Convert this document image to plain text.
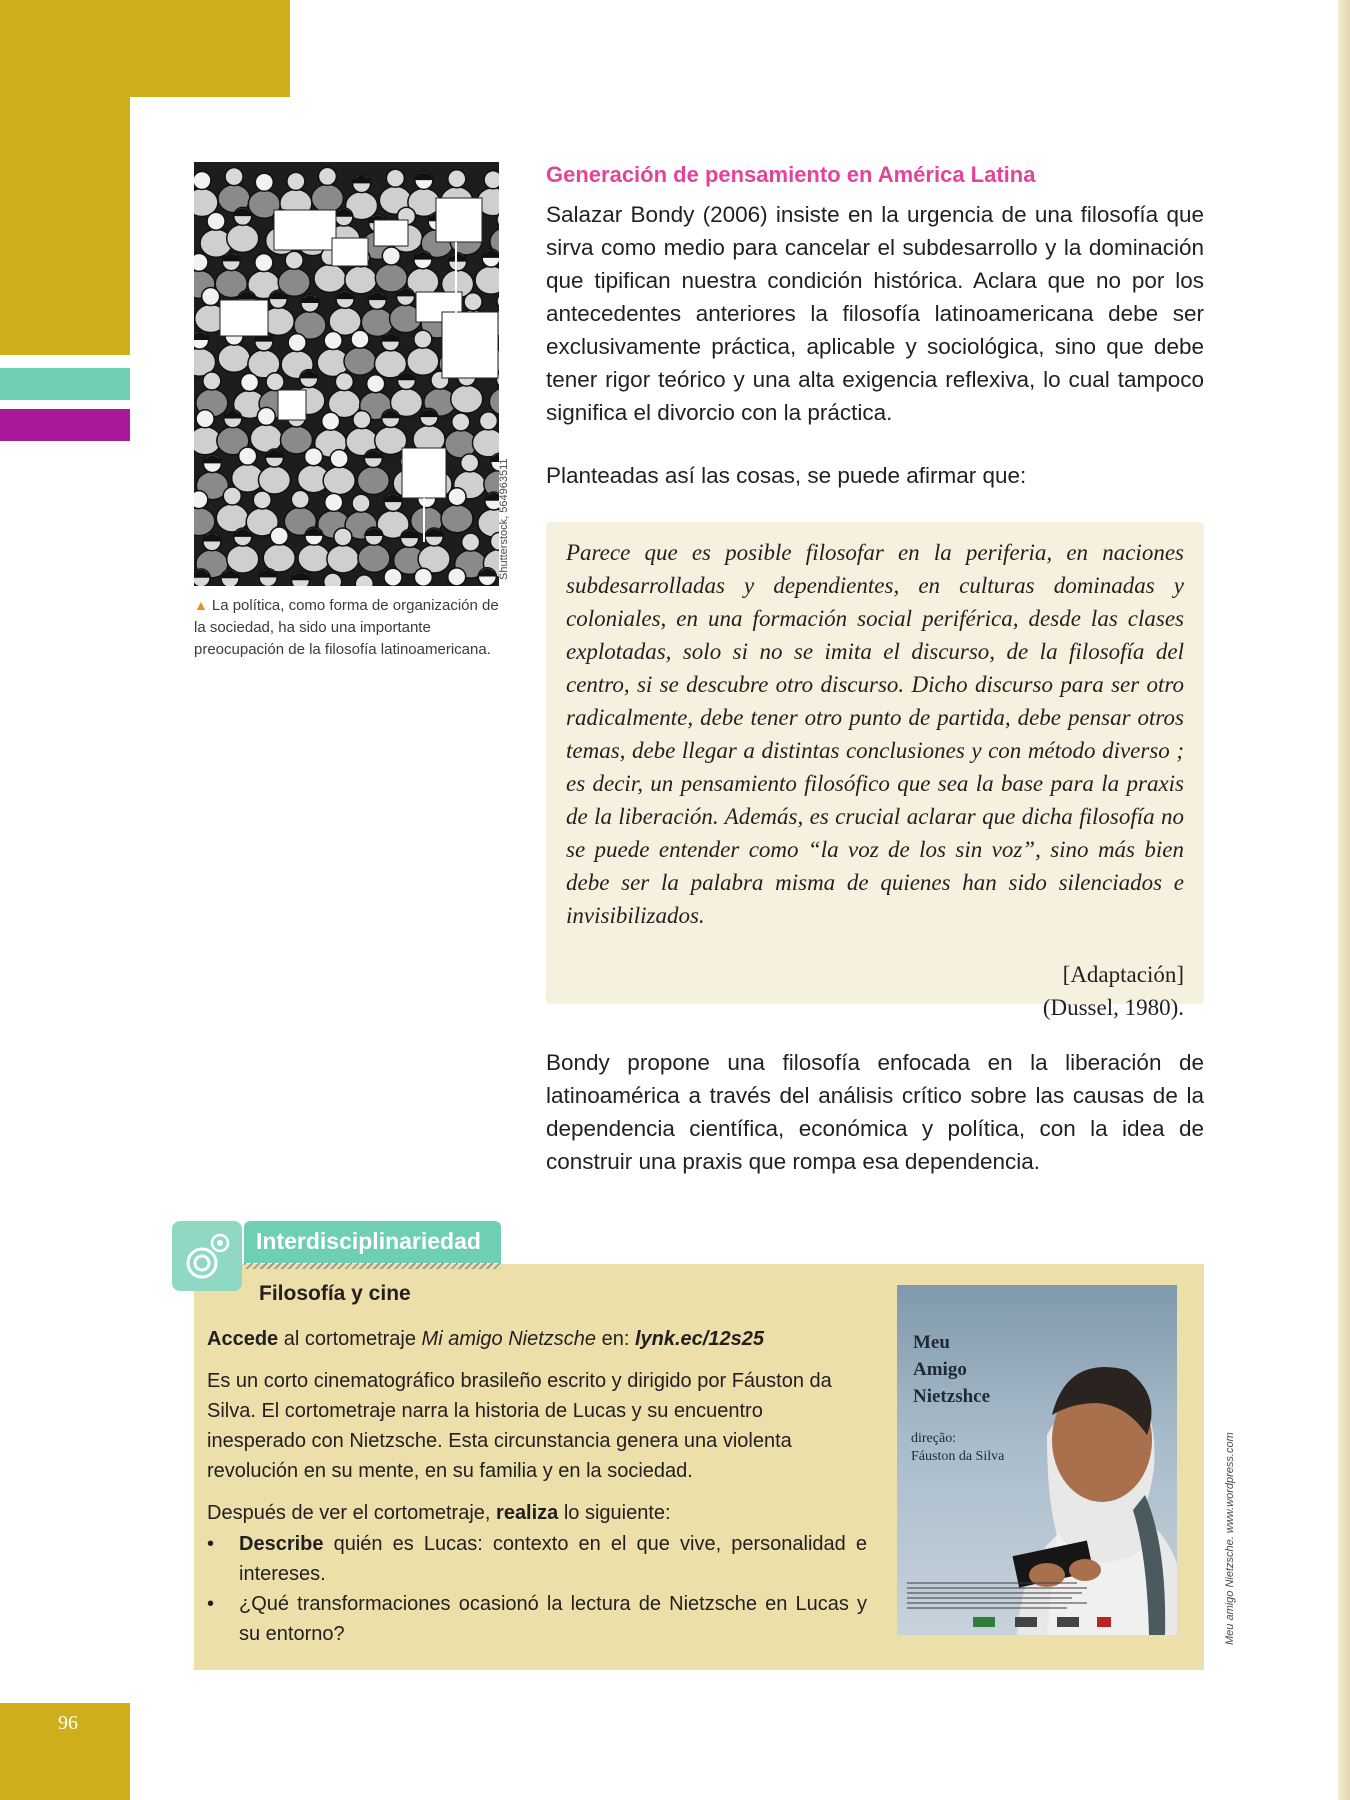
Shutterstock, 564963511
▲ La política, como forma de organización de la sociedad, ha sido una importante preocupación de la filosofía latinoamericana.
Generación de pensamiento en América Latina

Salazar Bondy (2006) insiste en la urgencia de una filosofía que sirva como medio para cancelar el subdesarrollo y la dominación que tipifican nuestra condición histórica. Aclara que no por los antecedentes anteriores la filosofía latinoamericana debe ser exclusivamente práctica, aplicable y sociológica, sino que debe tener rigor teórico y una alta exigencia reflexiva, lo cual tampoco significa el divorcio con la práctica.

Planteadas así las cosas, se puede afirmar que:

Parece que es posible filosofar en la periferia, en naciones subdesarrolladas y dependientes, en culturas dominadas y coloniales, en una formación social periférica, desde las clases explotadas, solo si no se imita el discurso, de la filosofía del centro, si se descubre otro discurso. Dicho discurso para ser otro radicalmente, debe tener otro punto de partida, debe pensar otros temas, debe llegar a distintas conclusiones y con método diverso ; es decir, un pensamiento filosófico que sea la base para la praxis de la liberación. Además, es crucial aclarar que dicha filosofía no se puede entender como “la voz de los sin voz”, sino más bien debe ser la palabra misma de quienes han sido silenciados e invisibilizados.

[Adaptación]
(Dussel, 1980).

Bondy propone una filosofía enfocada en la liberación de latinoamérica a través del análisis crítico sobre las causas de la dependencia científica, económica y política, con la idea de construir una praxis que rompa esa dependencia.

Interdisciplinariedad
Filosofía y cine

Accede al cortometraje Mi amigo Nietzsche en: lynk.ec/12s25

Es un corto cinematográfico brasileño escrito y dirigido por Fáuston da Silva. El cortometraje narra la historia de Lucas y su encuentro inesperado con Nietzsche. Esta circunstancia genera una violenta revolución en su mente, en su familia y en la sociedad.

Después de ver el cortometraje, realiza lo siguiente:

• Describe quién es Lucas: contexto en el que vive, personalidad e intereses.
• ¿Qué transformaciones ocasionó la lectura de Nietzsche en Lucas y su entorno?
Meu
Amigo
Nietzshce
direção:
Fáuston da Silva	Meu amigo Nietzsche. www.wordpress.com
96
